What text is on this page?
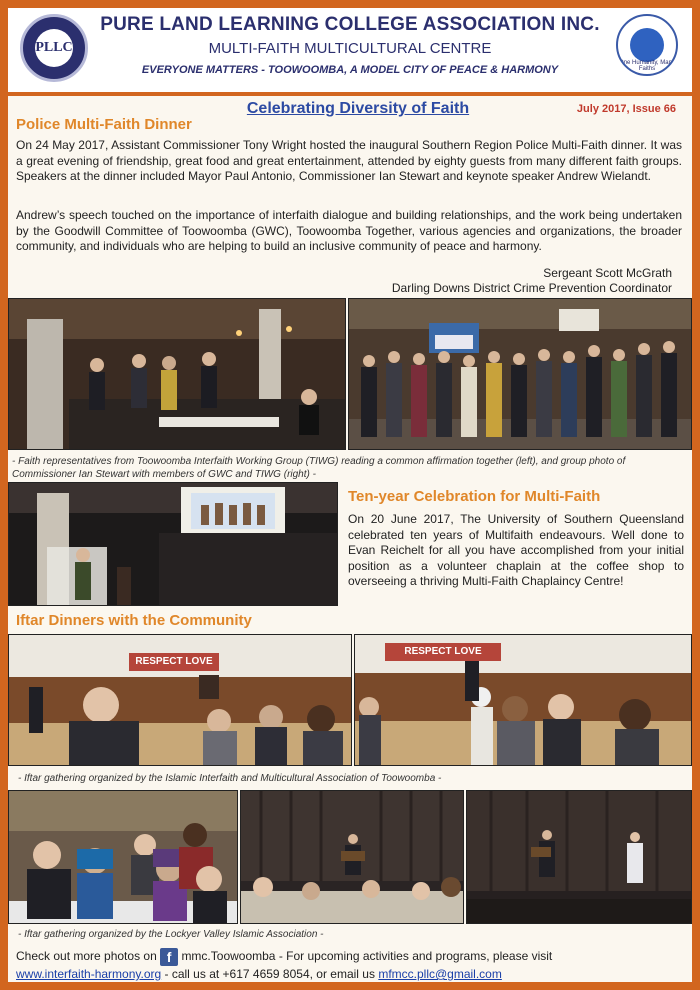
PLLC
PURE LAND LEARNING COLLEGE ASSOCIATION INC.
MULTI-FAITH MULTICULTURAL CENTRE
EVERYONE MATTERS - TOOWOOMBA, A MODEL CITY OF PEACE & HARMONY
One Humanity, Many Faiths
Celebrating Diversity of Faith	July 2017, Issue 66
Police Multi-Faith Dinner
On 24 May 2017, Assistant Commissioner Tony Wright hosted the inaugural Southern Region Police Multi-Faith dinner. It was a great evening of friendship, great food and great entertainment, attended by eighty guests from many different faith groups. Speakers at the dinner included Mayor Paul Antonio, Commissioner Ian Stewart and keynote speaker Andrew Wielandt.
Andrew’s speech touched on the importance of interfaith dialogue and building relationships, and the work being undertaken by the Goodwill Committee of Toowoomba (GWC), Toowoomba Together, various agencies and organizations, the broader community, and individuals who are helping to build an inclusive community of peace and harmony.
Sergeant Scott McGrath
Darling Downs District Crime Prevention Coordinator
- Faith representatives from Toowoomba Interfaith Working Group (TIWG) reading a common affirmation together (left), and group photo of Commissioner Ian Stewart with members of GWC and TIWG (right) -
Ten-year Celebration for Multi-Faith
On 20 June 2017, The University of Southern Queensland celebrated ten years of Multifaith endeavours. Well done to Evan Reichelt for all you have accomplished from your initial position as a volunteer chaplain at the coffee shop to overseeing a thriving Multi-Faith Chaplaincy Centre!
Iftar Dinners with the Community
RESPECT LOVE
RESPECT LOVE
- Iftar gathering organized by the Islamic Interfaith and Multicultural Association of Toowoomba -
- Iftar gathering organized by the Lockyer Valley Islamic Association -
Check out more photos on f mmc.Toowoomba - For upcoming activities and programs, please visit
www.interfaith-harmony.org - call us at +617 4659 8054, or email us mfmcc.pllc@gmail.com
